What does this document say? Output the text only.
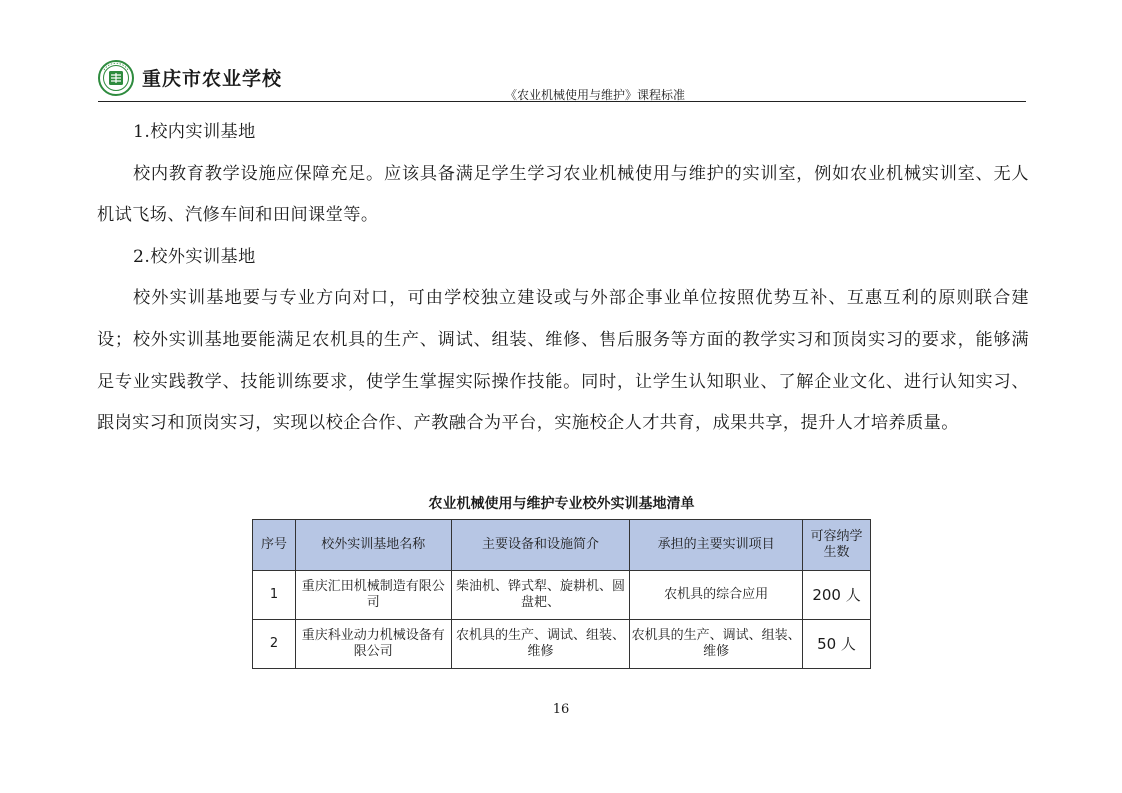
重庆市农业学校
《农业机械使用与维护》课程标准

1.校内实训基地

校内教育教学设施应保障充足。应该具备满足学生学习农业机械使用与维护的实训室，例如农业机械实训室、无人机试飞场、汽修车间和田间课堂等。

2.校外实训基地

校外实训基地要与专业方向对口，可由学校独立建设或与外部企事业单位按照优势互补、互惠互利的原则联合建设；校外实训基地要能满足农机具的生产、调试、组装、维修、售后服务等方面的教学实习和顶岗实习的要求，能够满足专业实践教学、技能训练要求，使学生掌握实际操作技能。同时，让学生认知职业、了解企业文化、进行认知实习、跟岗实习和顶岗实习，实现以校企合作、产教融合为平台，实施校企人才共育，成果共享，提升人才培养质量。

农业机械使用与维护专业校外实训基地清单
序号	校外实训基地名称	主要设备和设施简介	承担的主要实训项目	可容纳学生数
1	重庆汇田机械制造有限公司	柴油机、铧式犁、旋耕机、圆盘耙、	农机具的综合应用	200 人
2	重庆科业动力机械设备有限公司	农机具的生产、调试、组装、维修	农机具的生产、调试、组装、维修	50 人
16
